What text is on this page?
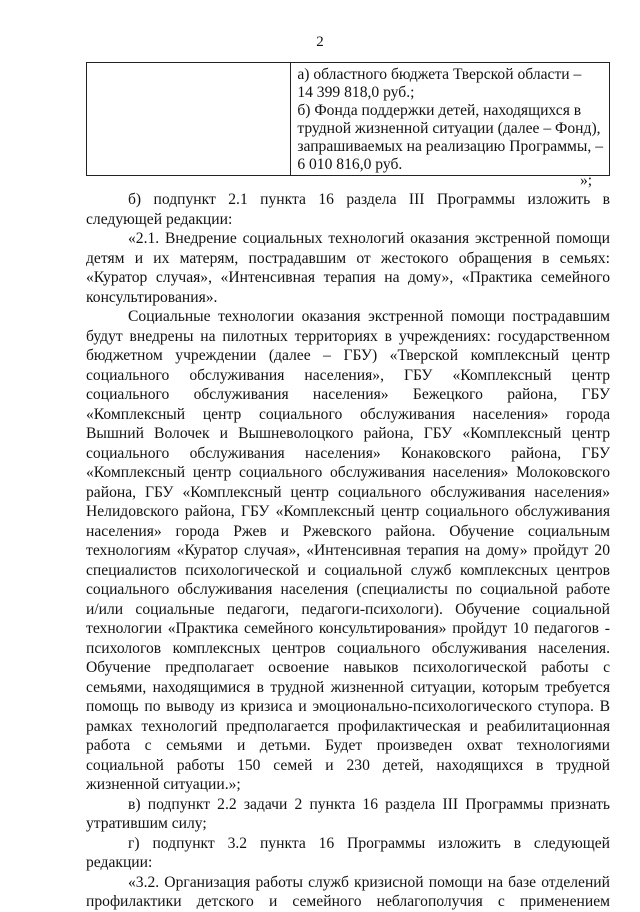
2

а) областного бюджета Тверской области –
14 399 818,0 руб.;
б) Фонда поддержки детей, находящихся в
трудной жизненной ситуации (далее – Фонд),
запрашиваемых на реализацию Программы, –
6 010 816,0 руб.
»;
б) подпункт 2.1 пункта 16 раздела III Программы изложить в
следующей редакции:
«2.1. Внедрение социальных технологий оказания экстренной помощи
детям и их матерям, пострадавшим от жестокого обращения в семьях:
«Куратор случая», «Интенсивная терапия на дому», «Практика семейного
консультирования».
Социальные технологии оказания экстренной помощи пострадавшим
будут внедрены на пилотных территориях в учреждениях: государственном
бюджетном учреждении (далее – ГБУ) «Тверской комплексный центр
социального обслуживания населения», ГБУ «Комплексный центр
социального обслуживания населения» Бежецкого района, ГБУ
«Комплексный центр социального обслуживания населения» города
Вышний Волочек и Вышневолоцкого района, ГБУ «Комплексный центр
социального обслуживания населения» Конаковского района, ГБУ
«Комплексный центр социального обслуживания населения» Молоковского
района, ГБУ «Комплексный центр социального обслуживания населения»
Нелидовского района, ГБУ «Комплексный центр социального обслуживания
населения» города Ржев и Ржевского района. Обучение социальным
технологиям «Куратор случая», «Интенсивная терапия на дому» пройдут 20
специалистов психологической и социальной служб комплексных центров
социального обслуживания населения (специалисты по социальной работе
и/или социальные педагоги, педагоги-психологи). Обучение социальной
технологии «Практика семейного консультирования» пройдут 10 педагогов -
психологов комплексных центров социального обслуживания населения.
Обучение предполагает освоение навыков психологической работы с
семьями, находящимися в трудной жизненной ситуации, которым требуется
помощь по выводу из кризиса и эмоционально-психологического ступора. В
рамках технологий предполагается профилактическая и реабилитационная
работа с семьями и детьми. Будет произведен охват технологиями
социальной работы 150 семей и 230 детей, находящихся в трудной
жизненной ситуации.»;
в) подпункт 2.2 задачи 2 пункта 16 раздела III Программы признать
утратившим силу;
г) подпункт 3.2 пункта 16 Программы изложить в следующей
редакции:
«3.2. Организация работы служб кризисной помощи на базе отделений
профилактики детского и семейного неблагополучия с применением
